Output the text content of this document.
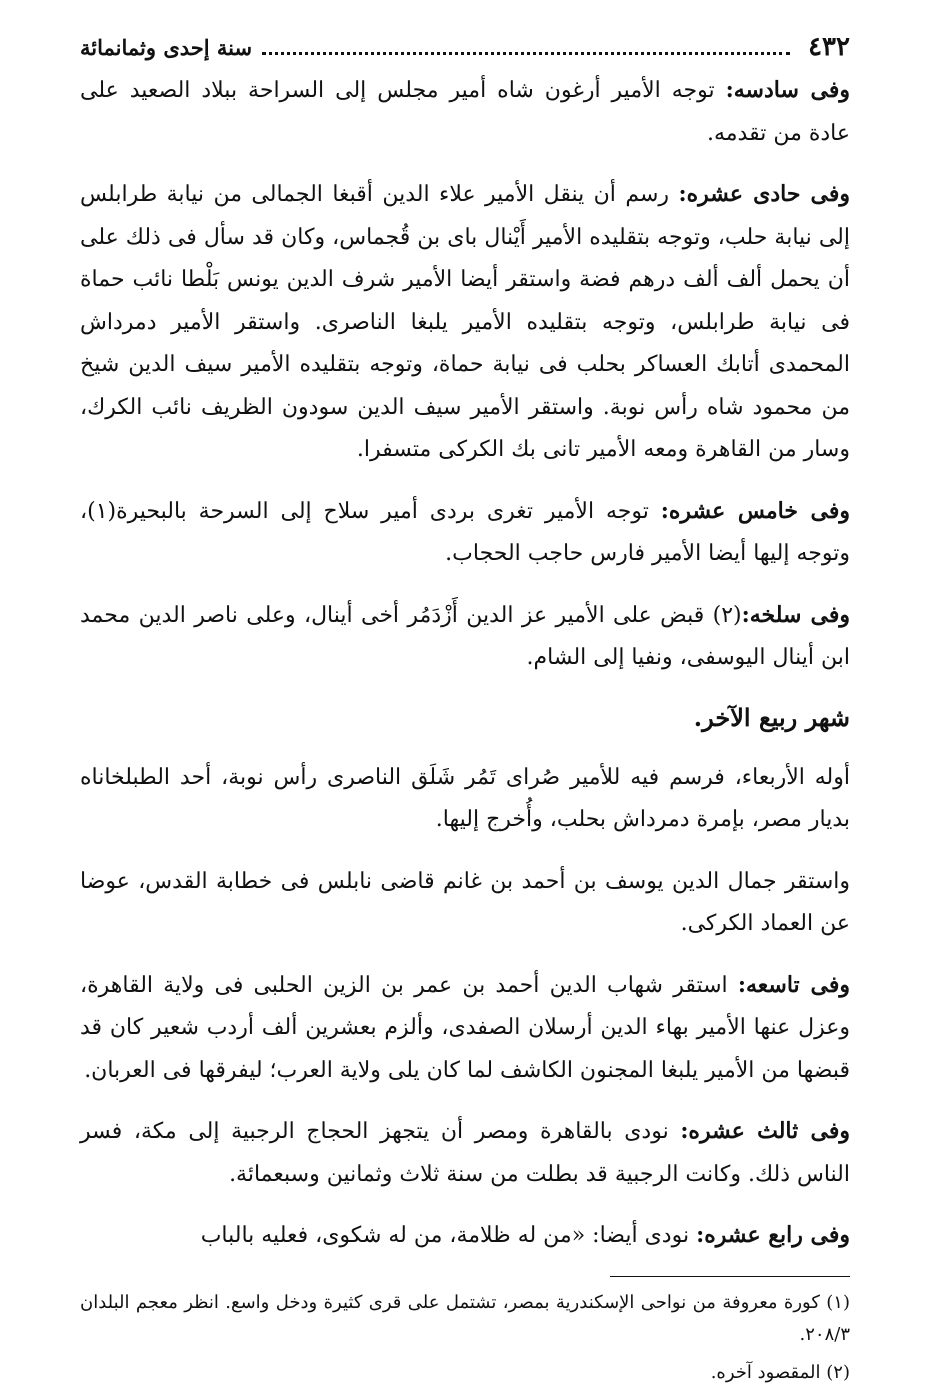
٤٣٢
سنة إحدى وثمانمائة

وفى سادسه: توجه الأمير أرغون شاه أمير مجلس إلى السراحة ببلاد الصعيد على عادة من تقدمه.

وفى حادى عشره: رسم أن ينقل الأمير علاء الدين أقبغا الجمالى من نيابة طرابلس إلى نيابة حلب، وتوجه بتقليده الأمير أَيْنال باى بن قُجماس، وكان قد سأل فى ذلك على أن يحمل ألف ألف درهم فضة واستقر أيضا الأمير شرف الدين يونس بَلْطا نائب حماة فى نيابة طرابلس، وتوجه بتقليده الأمير يلبغا الناصرى. واستقر الأمير دمرداش المحمدى أتابك العساكر بحلب فى نيابة حماة، وتوجه بتقليده الأمير سيف الدين شيخ من محمود شاه رأس نوبة. واستقر الأمير سيف الدين سودون الظريف نائب الكرك، وسار من القاهرة ومعه الأمير تانى بك الكركى متسفرا.

وفى خامس عشره: توجه الأمير تغرى بردى أمير سلاح إلى السرحة بالبحيرة(١)، وتوجه إليها أيضا الأمير فارس حاجب الحجاب.

وفى سلخه:(٢) قبض على الأمير عز الدين أَزْدَمُر أخى أينال، وعلى ناصر الدين محمد ابن أينال اليوسفى، ونفيا إلى الشام.

شهر ربيع الآخر.

أوله الأربعاء، فرسم فيه للأمير صُراى تَمُر شَلَق الناصرى رأس نوبة، أحد الطبلخاناه بديار مصر، بإمرة دمرداش بحلب، وأُخرج إليها.

واستقر جمال الدين يوسف بن أحمد بن غانم قاضى نابلس فى خطابة القدس، عوضا عن العماد الكركى.

وفى تاسعه: استقر شهاب الدين أحمد بن عمر بن الزين الحلبى فى ولاية القاهرة، وعزل عنها الأمير بهاء الدين أرسلان الصفدى، وألزم بعشرين ألف أردب شعير كان قد قبضها من الأمير يلبغا المجنون الكاشف لما كان يلى ولاية العرب؛ ليفرقها فى العربان.

وفى ثالث عشره: نودى بالقاهرة ومصر أن يتجهز الحجاج الرجبية إلى مكة، فسر الناس ذلك. وكانت الرجبية قد بطلت من سنة ثلاث وثمانين وسبعمائة.

وفى رابع عشره: نودى أيضا: «من له ظلامة، من له شكوى، فعليه بالباب

(١) كورة معروفة من نواحى الإسكندرية بمصر، تشتمل على قرى كثيرة ودخل واسع. انظر معجم البلدان ٢٠٨/٣.

(٢) المقصود آخره.
